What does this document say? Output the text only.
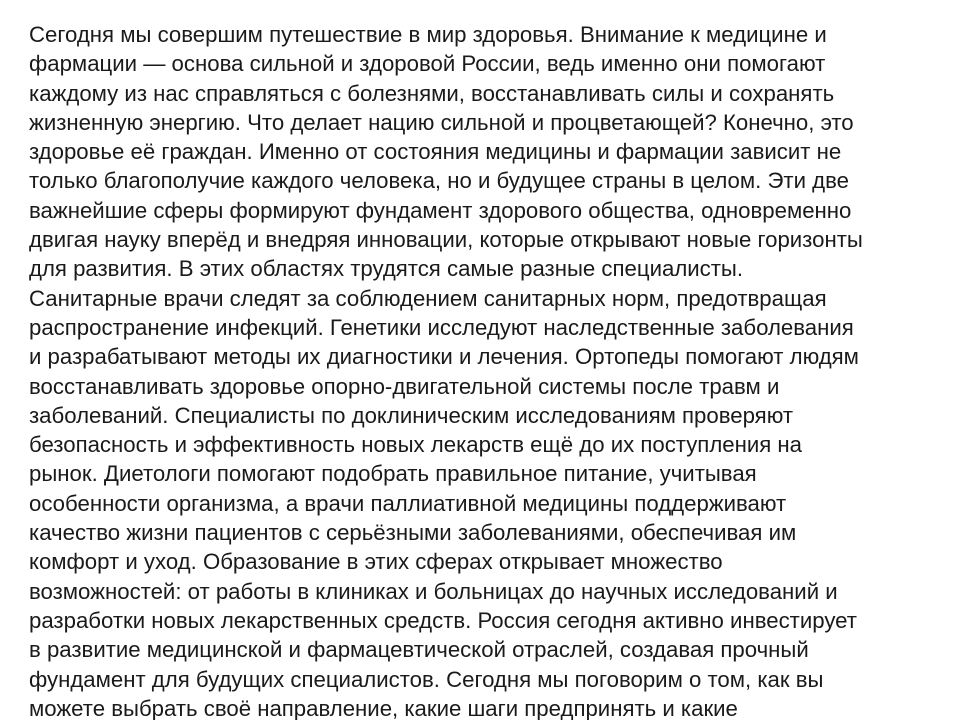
Сегодня мы совершим путешествие в мир здоровья. Внимание к медицине и
фармации — основа сильной и здоровой России, ведь именно они помогают
каждому из нас справляться с болезнями, восстанавливать силы и сохранять
жизненную энергию. Что делает нацию сильной и процветающей? Конечно, это
здоровье её граждан. Именно от состояния медицины и фармации зависит не
только благополучие каждого человека, но и будущее страны в целом. Эти две
важнейшие сферы формируют фундамент здорового общества, одновременно
двигая науку вперёд и внедряя инновации, которые открывают новые горизонты
для развития. В этих областях трудятся самые разные специалисты.
Санитарные врачи следят за соблюдением санитарных норм, предотвращая
распространение инфекций. Генетики исследуют наследственные заболевания
и разрабатывают методы их диагностики и лечения. Ортопеды помогают людям
восстанавливать здоровье опорно-двигательной системы после травм и
заболеваний. Специалисты по доклиническим исследованиям проверяют
безопасность и эффективность новых лекарств ещё до их поступления на
рынок. Диетологи помогают подобрать правильное питание, учитывая
особенности организма, а врачи паллиативной медицины поддерживают
качество жизни пациентов с серьёзными заболеваниями, обеспечивая им
комфорт и уход. Образование в этих сферах открывает множество
возможностей: от работы в клиниках и больницах до научных исследований и
разработки новых лекарственных средств. Россия сегодня активно инвестирует
в развитие медицинской и фармацевтической отраслей, создавая прочный
фундамент для будущих специалистов. Сегодня мы поговорим о том, как вы
можете выбрать своё направление, какие шаги предпринять и какие
